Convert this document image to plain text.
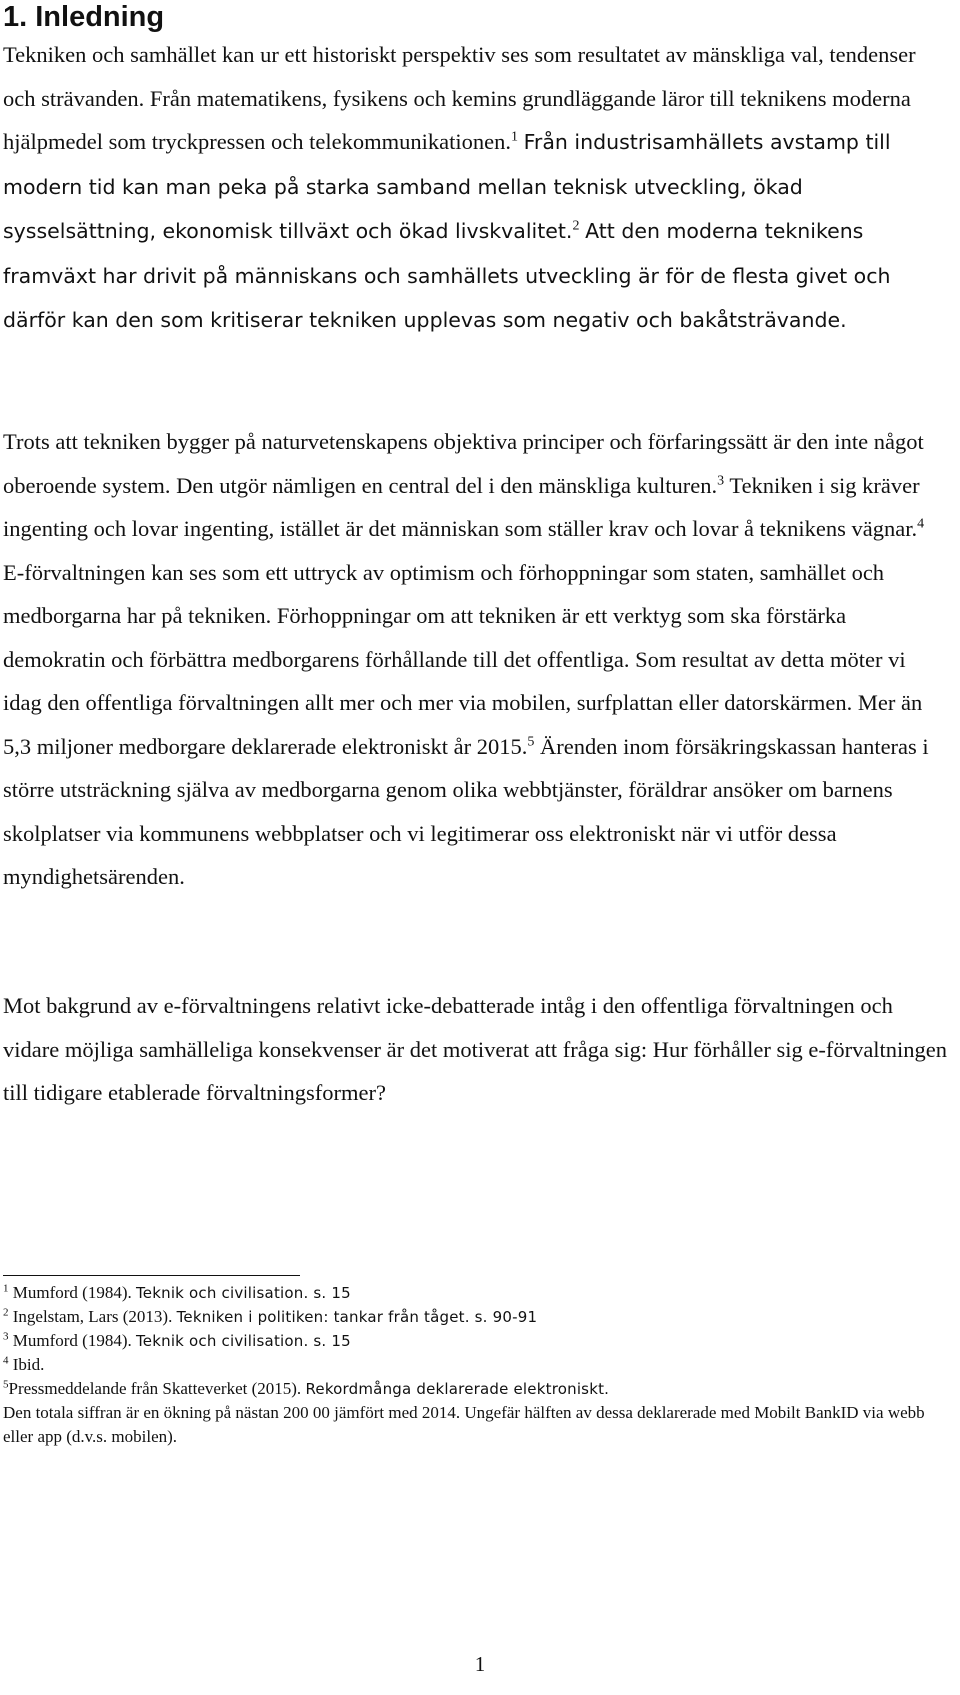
1. Inledning

Tekniken och samhället kan ur ett historiskt perspektiv ses som resultatet av mänskliga val, tendenser och strävanden. Från matematikens, fysikens och kemins grundläggande läror till teknikens moderna hjälpmedel som tryckpressen och telekommunikationen.$^1$ Från industrisamhällets avstamp till modern tid kan man peka på starka samband mellan teknisk utveckling, ökad sysselsättning, ekonomisk tillväxt och ökad livskvalitet.$^2$ Att den moderna teknikens framväxt har drivit på människans och samhällets utveckling är för de flesta givet och därför kan den som kritiserar tekniken upplevas som negativ och bakåtsträvande.

Trots att tekniken bygger på naturvetenskapens objektiva principer och förfaringssätt är den inte något oberoende system. Den utgör nämligen en central del i den mänskliga kulturen.$^3$ Tekniken i sig kräver ingenting och lovar ingenting, istället är det människan som ställer krav och lovar å teknikens vägnar.$^4$ E-förvaltningen kan ses som ett uttryck av optimism och förhoppningar som staten, samhället och medborgarna har på tekniken. Förhoppningar om att tekniken är ett verktyg som ska förstärka demokratin och förbättra medborgarens förhållande till det offentliga. Som resultat av detta möter vi idag den offentliga förvaltningen allt mer och mer via mobilen, surfplattan eller datorskärmen. Mer än 5,3 miljoner medborgare deklarerade elektroniskt år 2015.$^5$ Ärenden inom försäkringskassan hanteras i större utsträckning själva av medborgarna genom olika webbtjänster, föräldrar ansöker om barnens skolplatser via kommunens webbplatser och vi legitimerar oss elektroniskt när vi utför dessa myndighetsärenden.

Mot bakgrund av e-förvaltningens relativt icke-debatterade intåg i den offentliga förvaltningen och vidare möjliga samhälleliga konsekvenser är det motiverat att fråga sig: Hur förhåller sig e-förvaltningen till tidigare etablerade förvaltningsformer?

$^1$ Mumford (1984). Teknik och civilisation. s. 15

$^2$ Ingelstam, Lars (2013). Tekniken i politiken: tankar från tåget. s. 90-91

$^3$ Mumford (1984). Teknik och civilisation. s. 15

$^4$ Ibid.

$^5$Pressmeddelande från Skatteverket (2015). Rekordmånga deklarerade elektroniskt.

Den totala siffran är en ökning på nästan 200 00 jämfört med 2014. Ungefär hälften av dessa deklarerade med Mobilt BankID via webb eller app (d.v.s. mobilen).

1
